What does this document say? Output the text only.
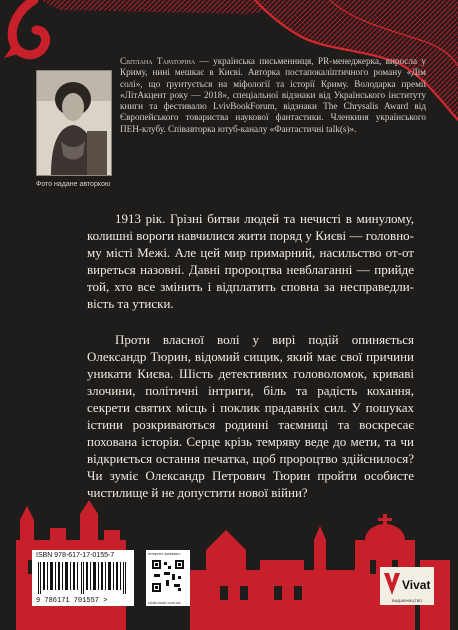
Фото надане авторкою

Світлана Тараторіна — українська письменниця, PR-менеджерка, виросла у Криму, нині мешкає в Києві. Авторка постапокаліптичного роману «Дім солі», що ґрунтується на міфології та історії Криму. Володарка премії «ЛітАкцент року — 2018», спеціальної відзнаки від Українського інституту книги та фестивалю LvivBookForum, відзнаки The Chrysalis Award від Європейського товариства наукової фантастики. Членкиня українського ПЕН-клубу. Співавторка ютуб-каналу «Фантастичні talk(s)».

1913 рік. Грізні битви людей та нечисті в минулому, колишні вороги навчилися жити поряд у Києві — головному місті Межі. Але цей мир примарний, насильство от-от виреться назовні. Давні пророцтва невблаганні — прийде той, хто все змінить і відплатить сповна за несправедливість та утиски.

Проти власної волі у вирі подій опиняється Олександр Тюрин, відомий сищик, який має свої причини уникати Києва. Шість детективних головоломок, криваві злочини, політичні інтриги, біль та радість кохання, секрети святих місць і поклик прадавніх сил. У пошуках істини розкриваються родинні таємниці та воскресає похована історія. Серце крізь темряву веде до мети, та чи відкриється остання печатка, щоб пророцтво здійснилося? Чи зуміє Олександр Петрович Тюрин пройти особисте чистилище й не допустити нової війни?

ISBN 978-617-17-0155-7
9 786171 701557 >
інтернет-магазин:
vivat-book.com.ua
Vivat
ВИДАВНИЦТВО
